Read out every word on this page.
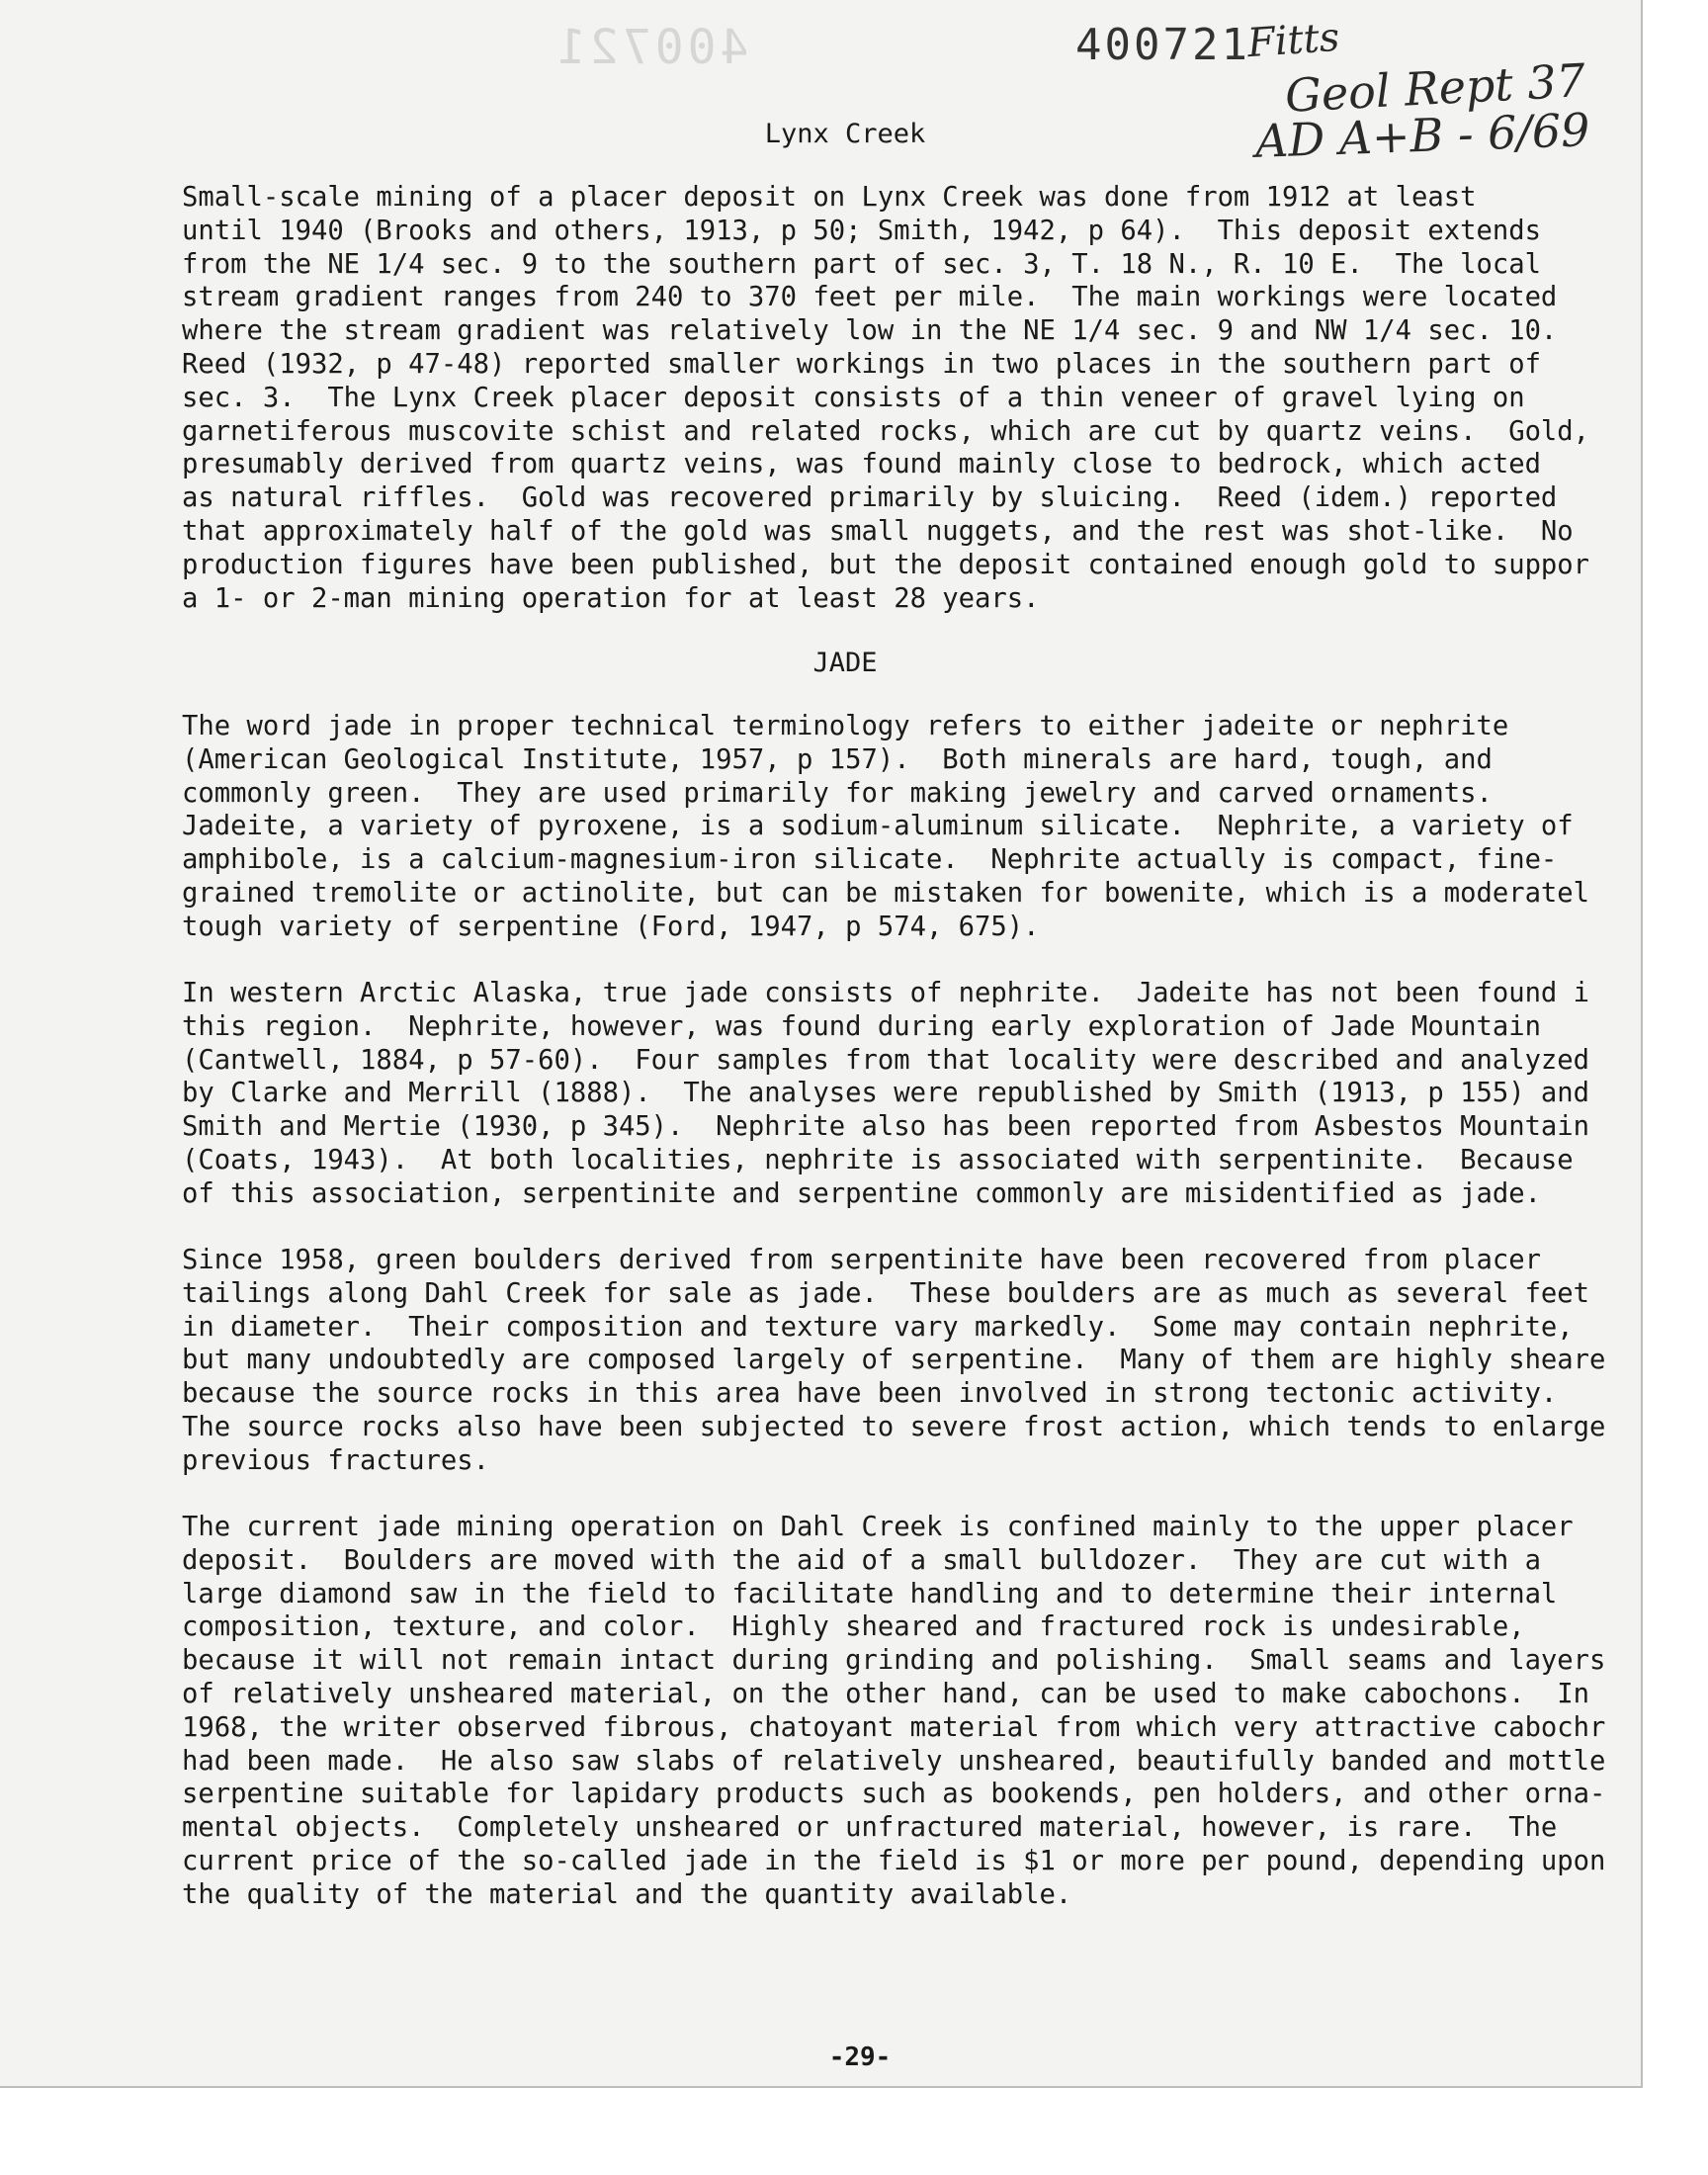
400721	400721
Fitts
Geol Rept 37
AD A+B - 6/69
Lynx Creek
Small-scale mining of a placer deposit on Lynx Creek was done from 1912 at least
until 1940 (Brooks and others, 1913, p 50; Smith, 1942, p 64).  This deposit extends
from the NE 1/4 sec. 9 to the southern part of sec. 3, T. 18 N., R. 10 E.  The local
stream gradient ranges from 240 to 370 feet per mile.  The main workings were located
where the stream gradient was relatively low in the NE 1/4 sec. 9 and NW 1/4 sec. 10.
Reed (1932, p 47-48) reported smaller workings in two places in the southern part of
sec. 3.  The Lynx Creek placer deposit consists of a thin veneer of gravel lying on
garnetiferous muscovite schist and related rocks, which are cut by quartz veins.  Gold,
presumably derived from quartz veins, was found mainly close to bedrock, which acted
as natural riffles.  Gold was recovered primarily by sluicing.  Reed (idem.) reported
that approximately half of the gold was small nuggets, and the rest was shot-like.  No
production figures have been published, but the deposit contained enough gold to suppor
a 1- or 2-man mining operation for at least 28 years.
JADE
The word jade in proper technical terminology refers to either jadeite or nephrite
(American Geological Institute, 1957, p 157).  Both minerals are hard, tough, and
commonly green.  They are used primarily for making jewelry and carved ornaments.
Jadeite, a variety of pyroxene, is a sodium-aluminum silicate.  Nephrite, a variety of
amphibole, is a calcium-magnesium-iron silicate.  Nephrite actually is compact, fine-
grained tremolite or actinolite, but can be mistaken for bowenite, which is a moderatel
tough variety of serpentine (Ford, 1947, p 574, 675).
In western Arctic Alaska, true jade consists of nephrite.  Jadeite has not been found i
this region.  Nephrite, however, was found during early exploration of Jade Mountain
(Cantwell, 1884, p 57-60).  Four samples from that locality were described and analyzed
by Clarke and Merrill (1888).  The analyses were republished by Smith (1913, p 155) and
Smith and Mertie (1930, p 345).  Nephrite also has been reported from Asbestos Mountain
(Coats, 1943).  At both localities, nephrite is associated with serpentinite.  Because
of this association, serpentinite and serpentine commonly are misidentified as jade.
Since 1958, green boulders derived from serpentinite have been recovered from placer
tailings along Dahl Creek for sale as jade.  These boulders are as much as several feet
in diameter.  Their composition and texture vary markedly.  Some may contain nephrite,
but many undoubtedly are composed largely of serpentine.  Many of them are highly sheare
because the source rocks in this area have been involved in strong tectonic activity.
The source rocks also have been subjected to severe frost action, which tends to enlarge
previous fractures.
The current jade mining operation on Dahl Creek is confined mainly to the upper placer
deposit.  Boulders are moved with the aid of a small bulldozer.  They are cut with a
large diamond saw in the field to facilitate handling and to determine their internal
composition, texture, and color.  Highly sheared and fractured rock is undesirable,
because it will not remain intact during grinding and polishing.  Small seams and layers
of relatively unsheared material, on the other hand, can be used to make cabochons.  In
1968, the writer observed fibrous, chatoyant material from which very attractive cabochr
had been made.  He also saw slabs of relatively unsheared, beautifully banded and mottle
serpentine suitable for lapidary products such as bookends, pen holders, and other orna-
mental objects.  Completely unsheared or unfractured material, however, is rare.  The
current price of the so-called jade in the field is $1 or more per pound, depending upon
the quality of the material and the quantity available.
-29-
